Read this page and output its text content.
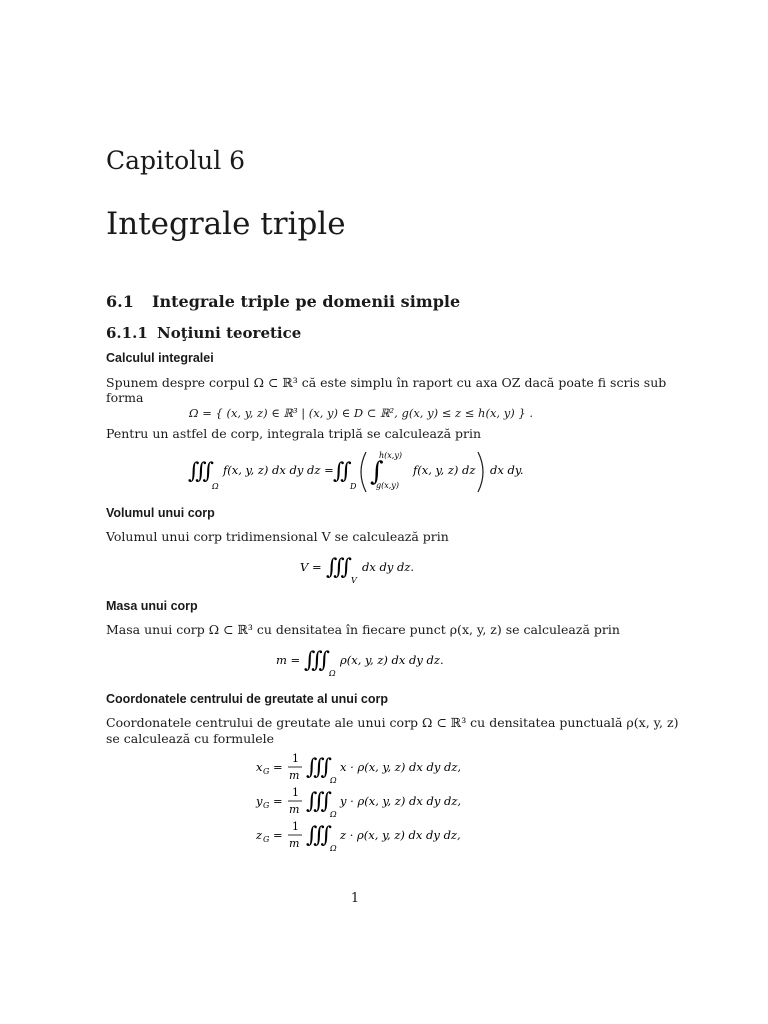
Capitolul 6
Integrale triple
6.1 Integrale triple pe domenii simple
6.1.1 Noţiuni teoretice
Calculul integralei
Spunem despre corpul Ω ⊂ ℝ³ că este simplu în raport cu axa OZ dacă poate fi scris sub
forma
Ω = { (x, y, z) ∈ ℝ³ | (x, y) ∈ D ⊂ ℝ², g(x, y) ≤ z ≤ h(x, y) } .
Pentru un astfel de corp, integrala triplă se calculează prin
∭
Ω
f(x, y, z) dx dy dz = ∬
D ∫
h(x,y)
g(x,y)
f(x, y, z) dz dx dy.
Volumul unui corp
Volumul unui corp tridimensional V se calculează prin
V = ∭
V
dx dy dz.
Masa unui corp
Masa unui corp Ω ⊂ ℝ³ cu densitatea în fiecare punct ρ(x, y, z) se calculează prin
m = ∭
Ω
ρ(x, y, z) dx dy dz.
Coordonatele centrului de greutate al unui corp
Coordonatele centrului de greutate ale unui corp Ω ⊂ ℝ³ cu densitatea punctuală ρ(x, y, z)
se calculează cu formulele
x G =
1
m ∭
Ω
x · ρ(x, y, z) dx dy dz,
y G =
1
m ∭
Ω
y · ρ(x, y, z) dx dy dz,
z G =
1
m ∭
Ω
z · ρ(x, y, z) dx dy dz,
1
